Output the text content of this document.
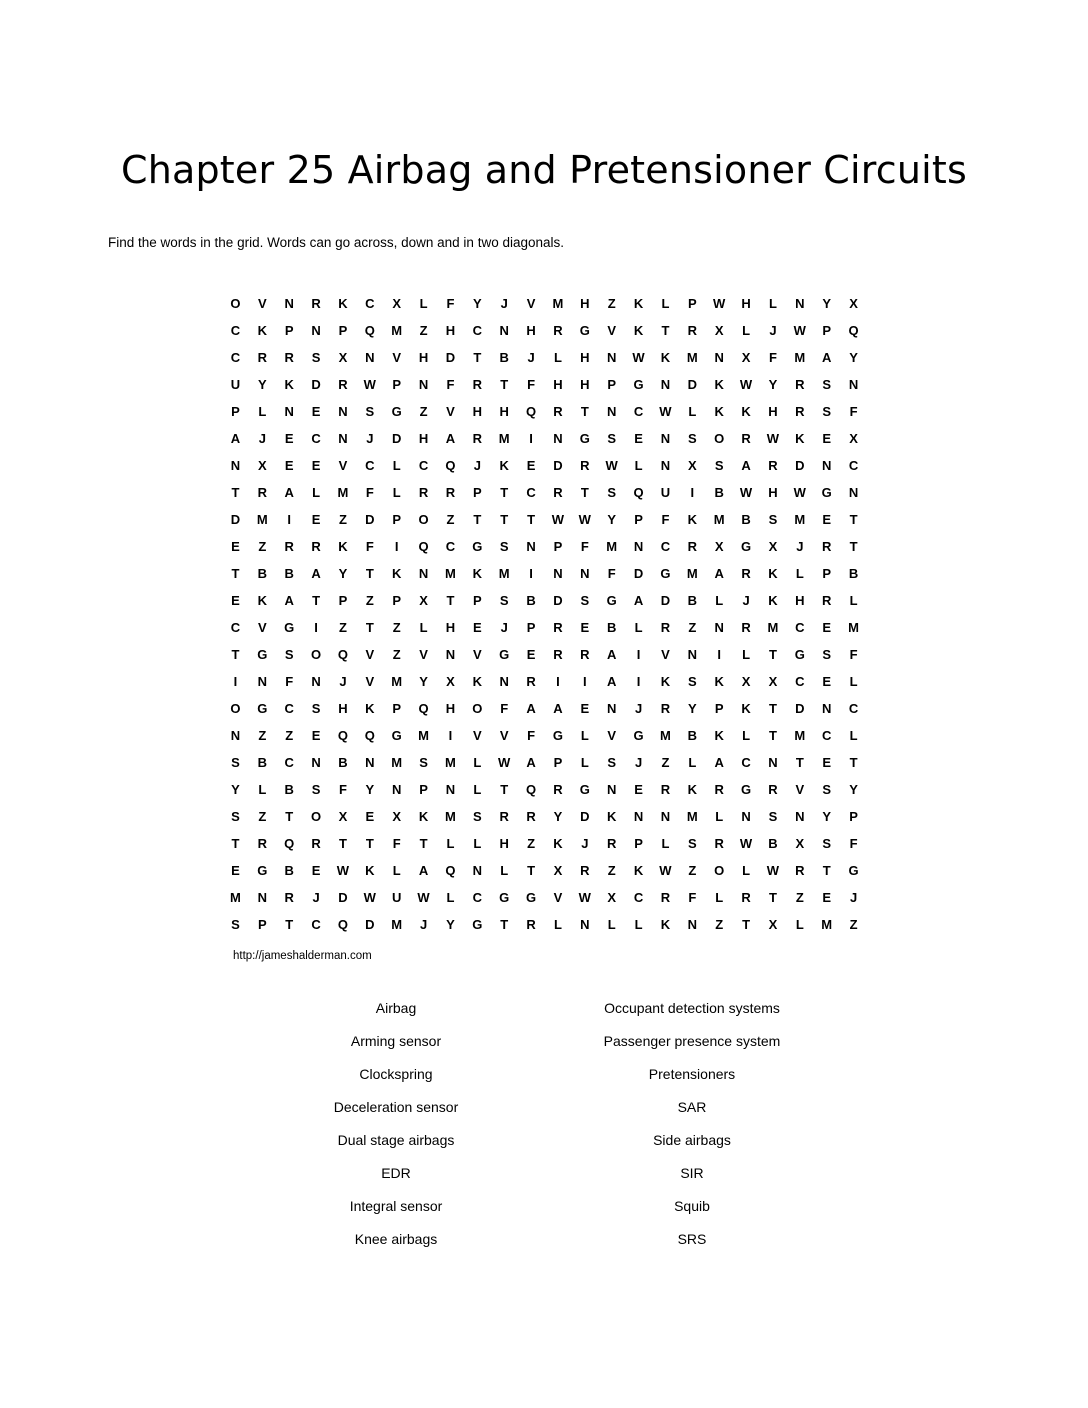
Chapter 25 Airbag and Pretensioner Circuits

Find the words in the grid. Words can go across, down and in two diagonals.

O	V	N	R	K	C	X	L	F	Y	J	V	M	H	Z	K	L	P	W	H	L	N	Y	X
C	K	P	N	P	Q	M	Z	H	C	N	H	R	G	V	K	T	R	X	L	J	W	P	Q
C	R	R	S	X	N	V	H	D	T	B	J	L	H	N	W	K	M	N	X	F	M	A	Y
U	Y	K	D	R	W	P	N	F	R	T	F	H	H	P	G	N	D	K	W	Y	R	S	N
P	L	N	E	N	S	G	Z	V	H	H	Q	R	T	N	C	W	L	K	K	H	R	S	F
A	J	E	C	N	J	D	H	A	R	M	I	N	G	S	E	N	S	O	R	W	K	E	X
N	X	E	E	V	C	L	C	Q	J	K	E	D	R	W	L	N	X	S	A	R	D	N	C
T	R	A	L	M	F	L	R	R	P	T	C	R	T	S	Q	U	I	B	W	H	W	G	N
D	M	I	E	Z	D	P	O	Z	T	T	T	W	W	Y	P	F	K	M	B	S	M	E	T
E	Z	R	R	K	F	I	Q	C	G	S	N	P	F	M	N	C	R	X	G	X	J	R	T
T	B	B	A	Y	T	K	N	M	K	M	I	N	N	F	D	G	M	A	R	K	L	P	B
E	K	A	T	P	Z	P	X	T	P	S	B	D	S	G	A	D	B	L	J	K	H	R	L
C	V	G	I	Z	T	Z	L	H	E	J	P	R	E	B	L	R	Z	N	R	M	C	E	M
T	G	S	O	Q	V	Z	V	N	V	G	E	R	R	A	I	V	N	I	L	T	G	S	F
I	N	F	N	J	V	M	Y	X	K	N	R	I	I	A	I	K	S	K	X	X	C	E	L
O	G	C	S	H	K	P	Q	H	O	F	A	A	E	N	J	R	Y	P	K	T	D	N	C
N	Z	Z	E	Q	Q	G	M	I	V	V	F	G	L	V	G	M	B	K	L	T	M	C	L
S	B	C	N	B	N	M	S	M	L	W	A	P	L	S	J	Z	L	A	C	N	T	E	T
Y	L	B	S	F	Y	N	P	N	L	T	Q	R	G	N	E	R	K	R	G	R	V	S	Y
S	Z	T	O	X	E	X	K	M	S	R	R	Y	D	K	N	N	M	L	N	S	N	Y	P
T	R	Q	R	T	T	F	T	L	L	H	Z	K	J	R	P	L	S	R	W	B	X	S	F
E	G	B	E	W	K	L	A	Q	N	L	T	X	R	Z	K	W	Z	O	L	W	R	T	G
M	N	R	J	D	W	U	W	L	C	G	G	V	W	X	C	R	F	L	R	T	Z	E	J
S	P	T	C	Q	D	M	J	Y	G	T	R	L	N	L	L	K	N	Z	T	X	L	M	Z

http://jameshalderman.com

Airbag
Arming sensor
Clockspring
Deceleration sensor
Dual stage airbags
EDR
Integral sensor
Knee airbags
Occupant detection systems
Passenger presence system
Pretensioners
SAR
Side airbags
SIR
Squib
SRS
